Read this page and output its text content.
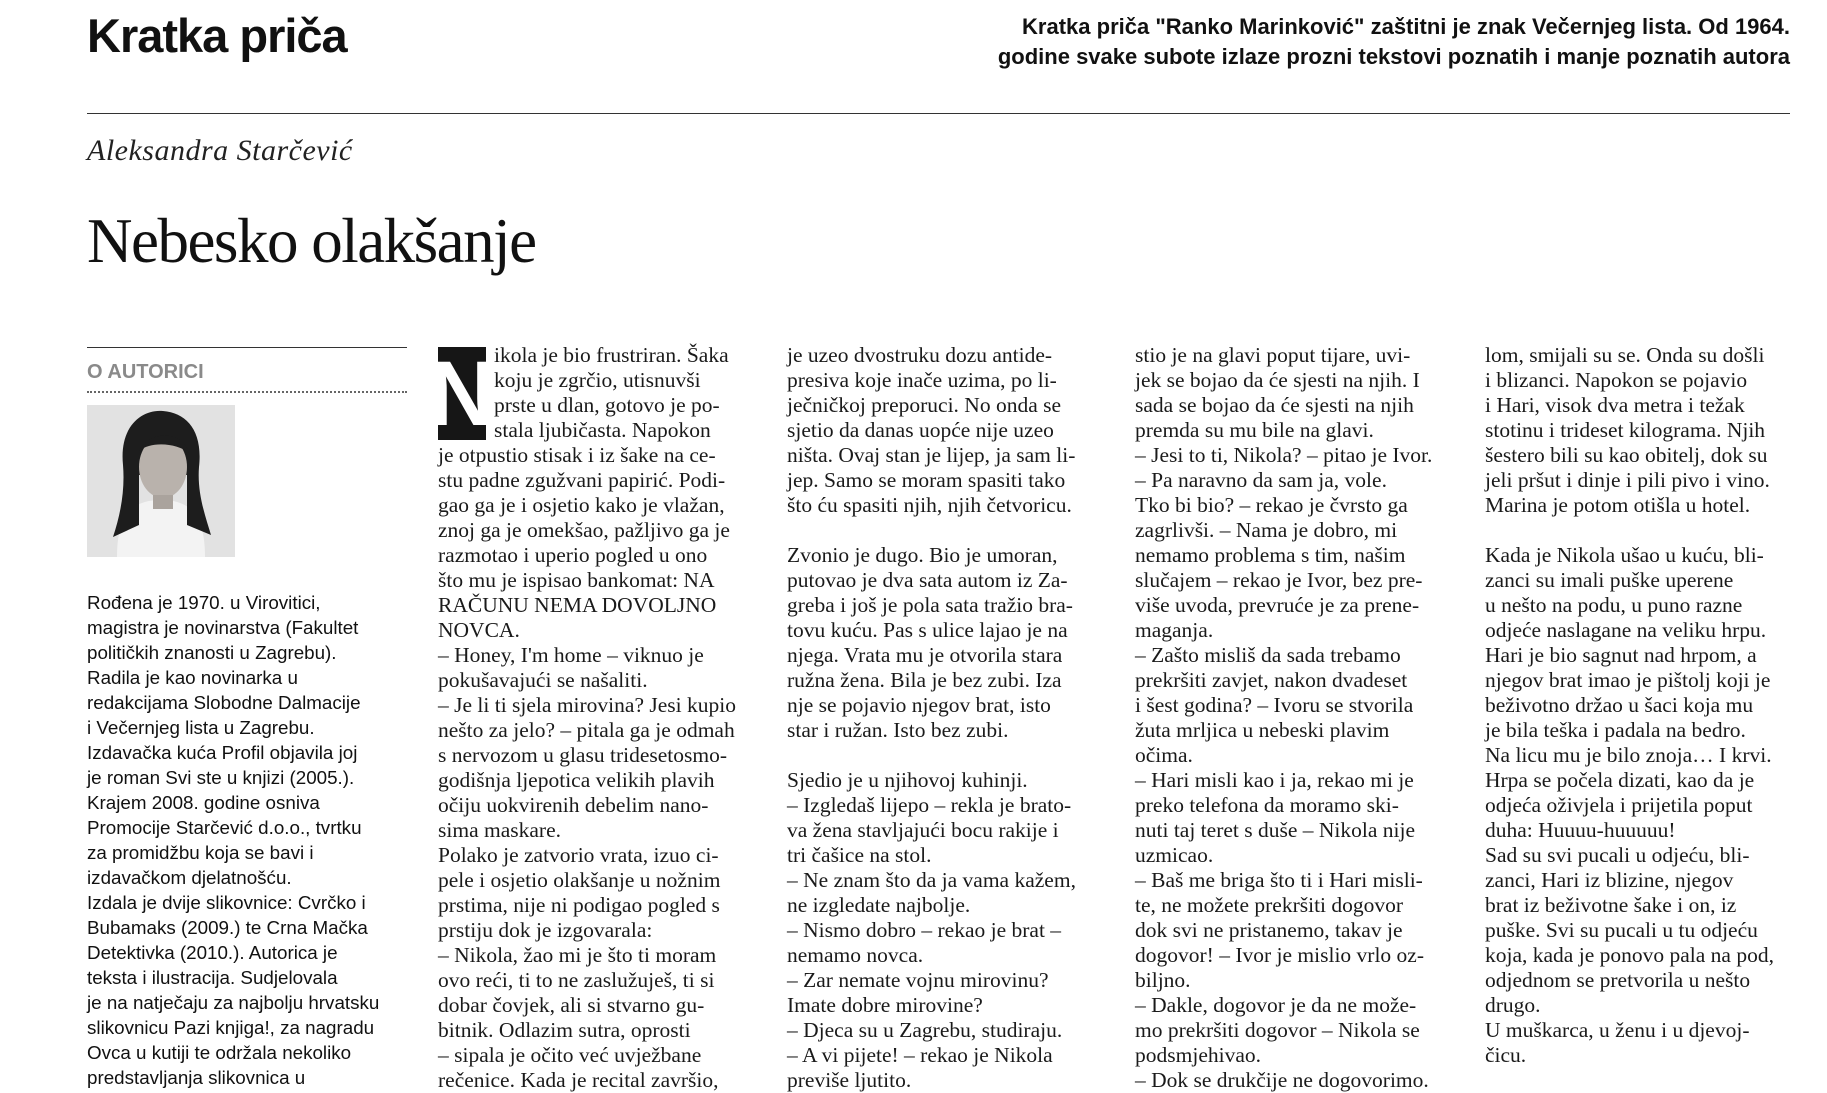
Kratka priča	Kratka priča "Ranko Marinković" zaštitni je znak Večernjeg lista. Od 1964.
godine svake subote izlaze prozni tekstovi poznatih i manje poznatih autora
Aleksandra Starčević
Nebesko olakšanje
O AUTORICI
Rođena je 1970. u Virovitici,
magistra je novinarstva (Fakultet
političkih znanosti u Zagrebu).
Radila je kao novinarka u
redakcijama Slobodne Dalmacije
i Večernjeg lista u Zagrebu.
Izdavačka kuća Profil objavila joj
je roman Svi ste u knjizi (2005.).
Krajem 2008. godine osniva
Promocije Starčević d.o.o., tvrtku
za promidžbu koja se bavi i
izdavačkom djelatnošću.
Izdala je dvije slikovnice: Cvrčko i
Bubamaks (2009.) te Crna Mačka
Detektivka (2010.). Autorica je
teksta i ilustracija. Sudjelovala
je na natječaju za najbolju hrvatsku
slikovnicu Pazi knjiga!, za nagradu
Ovca u kutiji te održala nekoliko
predstavljanja slikovnica u
N
ikola je bio frustriran. Šaka
koju je zgrčio, utisnuvši
prste u dlan, gotovo je po-
stala ljubičasta. Napokon
je otpustio stisak i iz šake na ce-
stu padne zgužvani papirić. Podi-
gao ga je i osjetio kako je vlažan,
znoj ga je omekšao, pažljivo ga je
razmotao i uperio pogled u ono
što mu je ispisao bankomat: NA
RAČUNU NEMA DOVOLJNO
NOVCA.
– Honey, I'm home – viknuo je
pokušavajući se našaliti.
– Je li ti sjela mirovina? Jesi kupio
nešto za jelo? – pitala ga je odmah
s nervozom u glasu tridesetosmo-
godišnja ljepotica velikih plavih
očiju uokvirenih debelim nano-
sima maskare.
Polako je zatvorio vrata, izuo ci-
pele i osjetio olakšanje u nožnim
prstima, nije ni podigao pogled s
prstiju dok je izgovarala:
– Nikola, žao mi je što ti moram
ovo reći, ti to ne zaslužuješ, ti si
dobar čovjek, ali si stvarno gu-
bitnik. Odlazim sutra, oprosti
– sipala je očito već uvježbane
rečenice. Kada je recital završio,
je uzeo dvostruku dozu antide-
presiva koje inače uzima, po li-
ječničkoj preporuci. No onda se
sjetio da danas uopće nije uzeo
ništa. Ovaj stan je lijep, ja sam li-
jep. Samo se moram spasiti tako
što ću spasiti njih, njih četvoricu.
Zvonio je dugo. Bio je umoran,
putovao je dva sata autom iz Za-
greba i još je pola sata tražio bra-
tovu kuću. Pas s ulice lajao je na
njega. Vrata mu je otvorila stara
ružna žena. Bila je bez zubi. Iza
nje se pojavio njegov brat, isto
star i ružan. Isto bez zubi.
Sjedio je u njihovoj kuhinji.
– Izgledaš lijepo – rekla je brato-
va žena stavljajući bocu rakije i
tri čašice na stol.
– Ne znam što da ja vama kažem,
ne izgledate najbolje.
– Nismo dobro – rekao je brat –
nemamo novca.
– Zar nemate vojnu mirovinu?
Imate dobre mirovine?
– Djeca su u Zagrebu, studiraju.
– A vi pijete! – rekao je Nikola
previše ljutito.
stio je na glavi poput tijare, uvi-
jek se bojao da će sjesti na njih. I
sada se bojao da će sjesti na njih
premda su mu bile na glavi.
– Jesi to ti, Nikola? – pitao je Ivor.
– Pa naravno da sam ja, vole.
Tko bi bio? – rekao je čvrsto ga
zagrlivši. – Nama je dobro, mi
nemamo problema s tim, našim
slučajem – rekao je Ivor, bez pre-
više uvoda, prevruće je za prene-
maganja.
– Zašto misliš da sada trebamo
prekršiti zavjet, nakon dvadeset
i šest godina? – Ivoru se stvorila
žuta mrljica u nebeski plavim
očima.
– Hari misli kao i ja, rekao mi je
preko telefona da moramo ski-
nuti taj teret s duše – Nikola nije
uzmicao.
– Baš me briga što ti i Hari misli-
te, ne možete prekršiti dogovor
dok svi ne pristanemo, takav je
dogovor! – Ivor je mislio vrlo oz-
biljno.
– Dakle, dogovor je da ne može-
mo prekršiti dogovor – Nikola se
podsmjehivao.
– Dok se drukčije ne dogovorimo.
lom, smijali su se. Onda su došli
i blizanci. Napokon se pojavio
i Hari, visok dva metra i težak
stotinu i trideset kilograma. Njih
šestero bili su kao obitelj, dok su
jeli pršut i dinje i pili pivo i vino.
Marina je potom otišla u hotel.
Kada je Nikola ušao u kuću, bli-
zanci su imali puške uperene
u nešto na podu, u puno razne
odjeće naslagane na veliku hrpu.
Hari je bio sagnut nad hrpom, a
njegov brat imao je pištolj koji je
beživotno držao u šaci koja mu
je bila teška i padala na bedro.
Na licu mu je bilo znoja… I krvi.
Hrpa se počela dizati, kao da je
odjeća oživjela i prijetila poput
duha: Huuuu-huuuuu!
Sad su svi pucali u odjeću, bli-
zanci, Hari iz blizine, njegov
brat iz beživotne šake i on, iz
puške. Svi su pucali u tu odjeću
koja, kada je ponovo pala na pod,
odjednom se pretvorila u nešto
drugo.
U muškarca, u ženu i u djevoj-
čicu.
